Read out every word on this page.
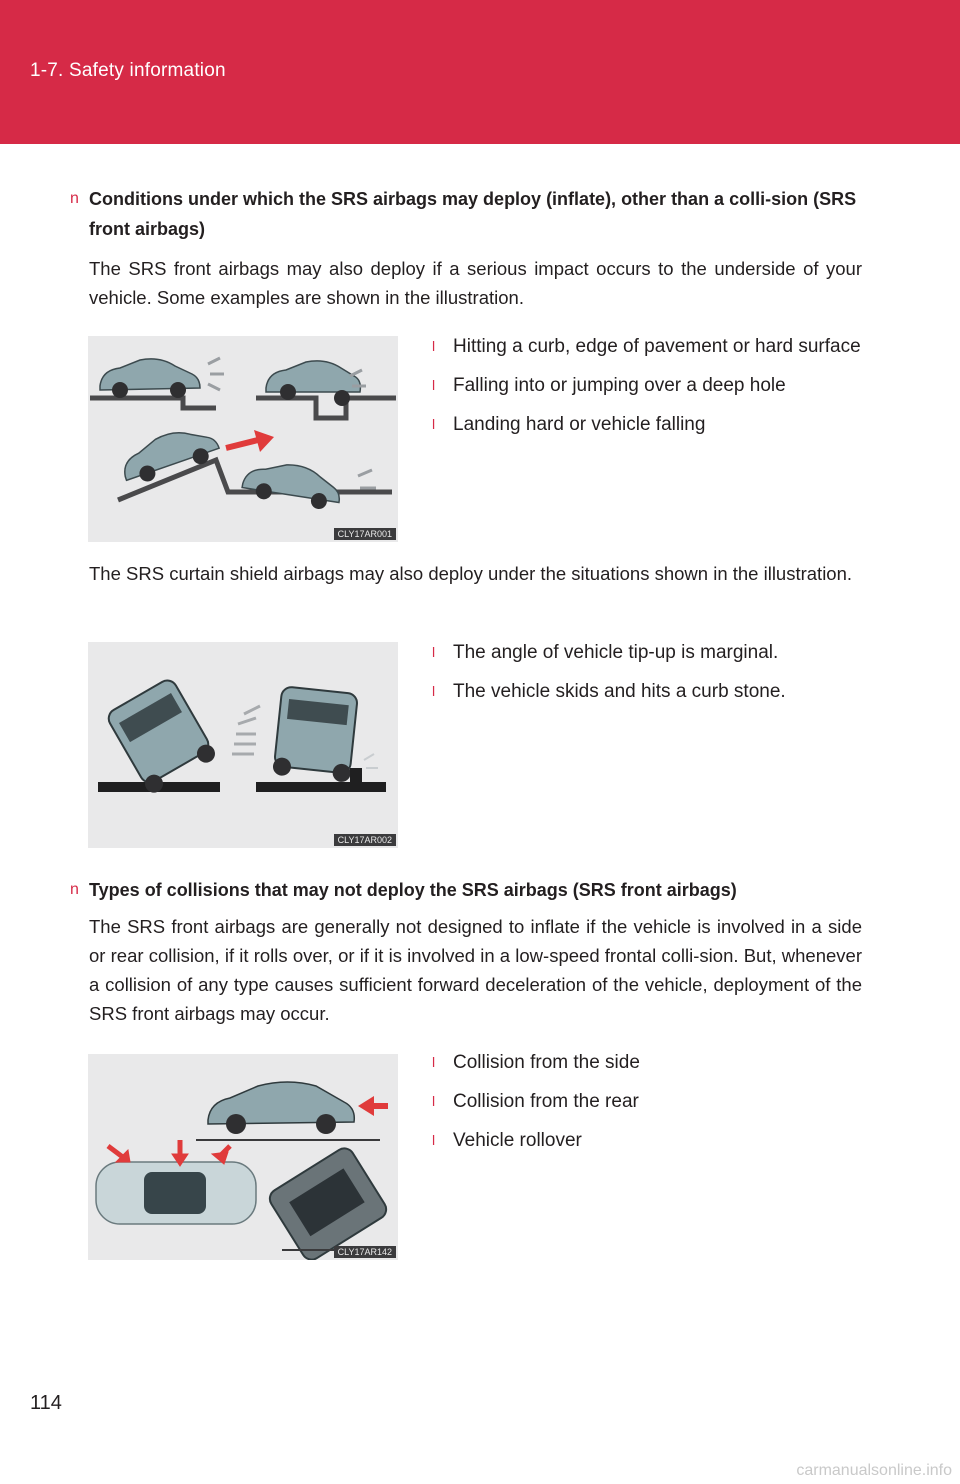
1-7. Safety information
n Conditions under which the SRS airbags may deploy (inflate), other than a colli-sion (SRS front airbags)
The SRS front airbags may also deploy if a serious impact occurs to the underside of your vehicle. Some examples are shown in the illustration.
CLY17AR001
l Hitting a curb, edge of pavement or hard surface
l Falling into or jumping over a deep hole
l Landing hard or vehicle falling
The SRS curtain shield airbags may also deploy under the situations shown in the illustration.
CLY17AR002
l The angle of vehicle tip-up is marginal.
l The vehicle skids and hits a curb stone.
n Types of collisions that may not deploy the SRS airbags (SRS front airbags)
The SRS front airbags are generally not designed to inflate if the vehicle is involved in a side or rear collision, if it rolls over, or if it is involved in a low-speed frontal colli-sion. But, whenever a collision of any type causes sufficient forward deceleration of the vehicle, deployment of the SRS front airbags may occur.
CLY17AR142
l Collision from the side
l Collision from the rear
l Vehicle rollover
114
carmanualsonline.info
